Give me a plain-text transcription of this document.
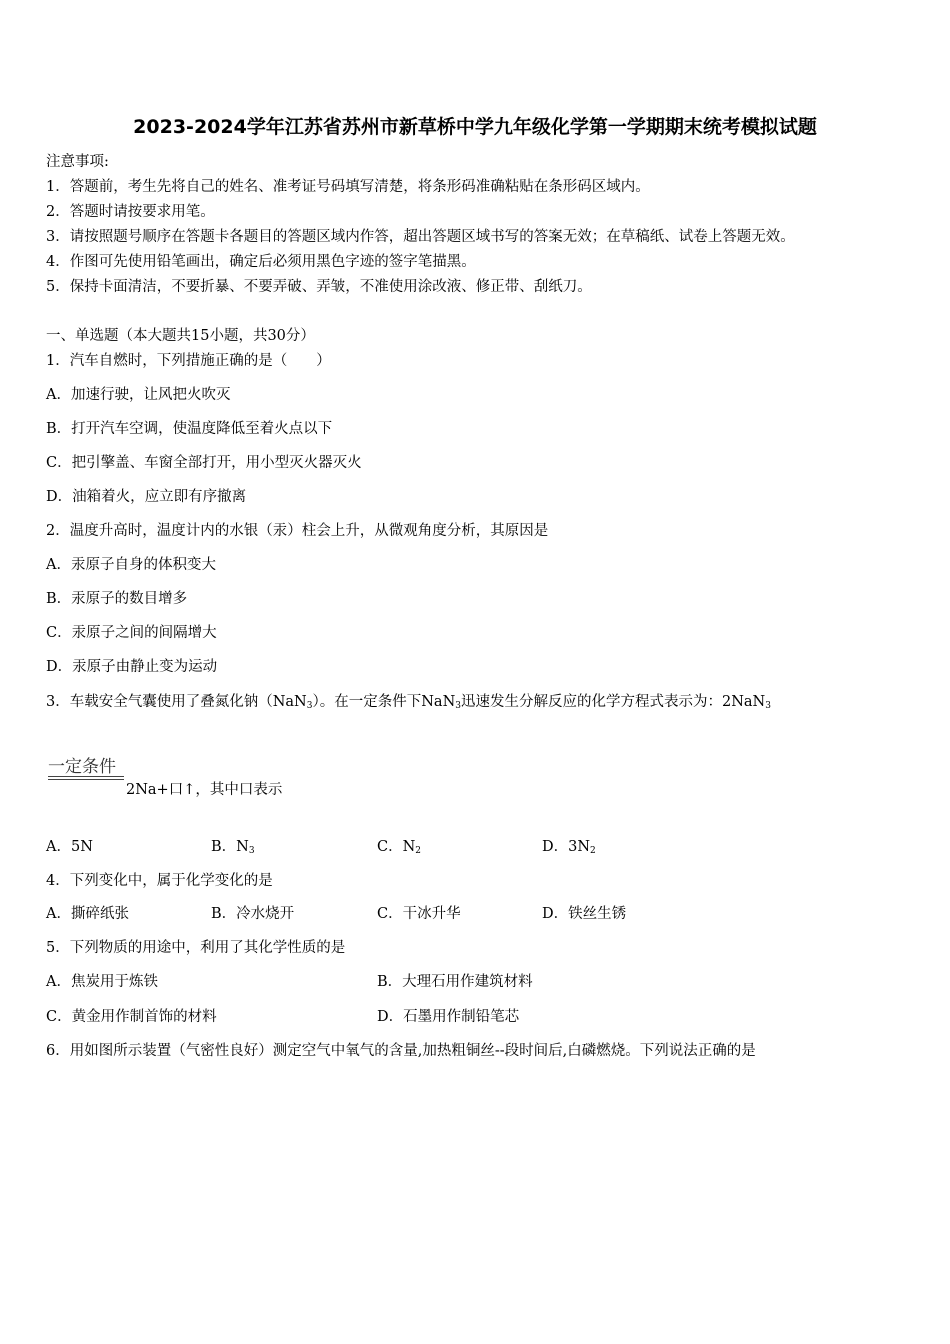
2023-2024学年江苏省苏州市新草桥中学九年级化学第一学期期末统考模拟试题
注意事项:
1．答题前，考生先将自己的姓名、准考证号码填写清楚，将条形码准确粘贴在条形码区域内。
2．答题时请按要求用笔。
3．请按照题号顺序在答题卡各题目的答题区域内作答，超出答题区域书写的答案无效；在草稿纸、试卷上答题无效。
4．作图可先使用铅笔画出，确定后必须用黑色字迹的签字笔描黑。
5．保持卡面清洁，不要折暴、不要弄破、弄皱，不准使用涂改液、修正带、刮纸刀。
一、单选题（本大题共15小题，共30分）
1．汽车自燃时，下列措施正确的是（　　）
A．加速行驶，让风把火吹灭
B．打开汽车空调，使温度降低至着火点以下
C．把引擎盖、车窗全部打开，用小型灭火器灭火
D．油箱着火，应立即有序撤离
2．温度升高时，温度计内的水银（汞）柱会上升，从微观角度分析，其原因是
A．汞原子自身的体积变大
B．汞原子的数目增多
C．汞原子之间的间隔增大
D．汞原子由静止变为运动
3．车载安全气囊使用了叠氮化钠（NaN$_3$）。在一定条件下NaN$_3$迅速发生分解反应的化学方程式表示为：2NaN$_3$
一定条件
2Na+口↑，其中口表示
A．5N	B．$N_3$	C．$N_2$	D．$3N_2$
4．下列变化中，属于化学变化的是
A．撕碎纸张	B．冷水烧开	C．干冰升华	D．铁丝生锈
5．下列物质的用途中，利用了其化学性质的是
A．焦炭用于炼铁	B．大理石用作建筑材料
C．黄金用作制首饰的材料	D．石墨用作制铅笔芯
6．用如图所示装置（气密性良好）测定空气中氧气的含量,加热粗铜丝--段时间后,白磷燃烧。下列说法正确的是
